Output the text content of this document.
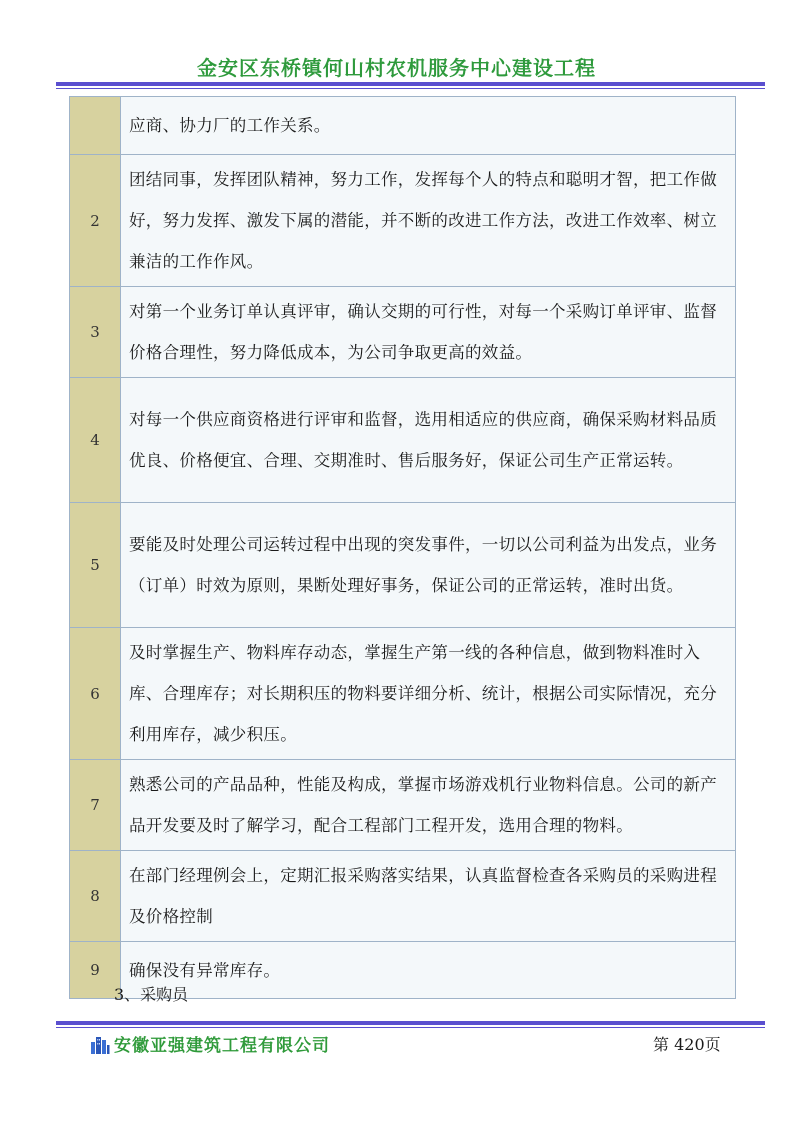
金安区东桥镇何山村农机服务中心建设工程
	应商、协力厂的工作关系。
2	团结同事，发挥团队精神，努力工作，发挥每个人的特点和聪明才智，把工作做好，努力发挥、激发下属的潜能，并不断的改进工作方法，改进工作效率、树立兼洁的工作作风。
3	对第一个业务订单认真评审，确认交期的可行性，对每一个采购订单评审、监督价格合理性，努力降低成本，为公司争取更高的效益。
4	对每一个供应商资格进行评审和监督，选用相适应的供应商，确保采购材料品质优良、价格便宜、合理、交期准时、售后服务好，保证公司生产正常运转。
5	要能及时处理公司运转过程中出现的突发事件，一切以公司利益为出发点，业务（订单）时效为原则，果断处理好事务，保证公司的正常运转，准时出货。
6	及时掌握生产、物料库存动态，掌握生产第一线的各种信息，做到物料准时入库、合理库存；对长期积压的物料要详细分析、统计，根据公司实际情况，充分利用库存，减少积压。
7	熟悉公司的产品品种，性能及构成，掌握市场游戏机行业物料信息。公司的新产品开发要及时了解学习，配合工程部门工程开发，选用合理的物料。
8	在部门经理例会上，定期汇报采购落实结果，认真监督检查各采购员的采购进程及价格控制
9	确保没有异常库存。
3、采购员
安徽亚强建筑工程有限公司	第 420页
